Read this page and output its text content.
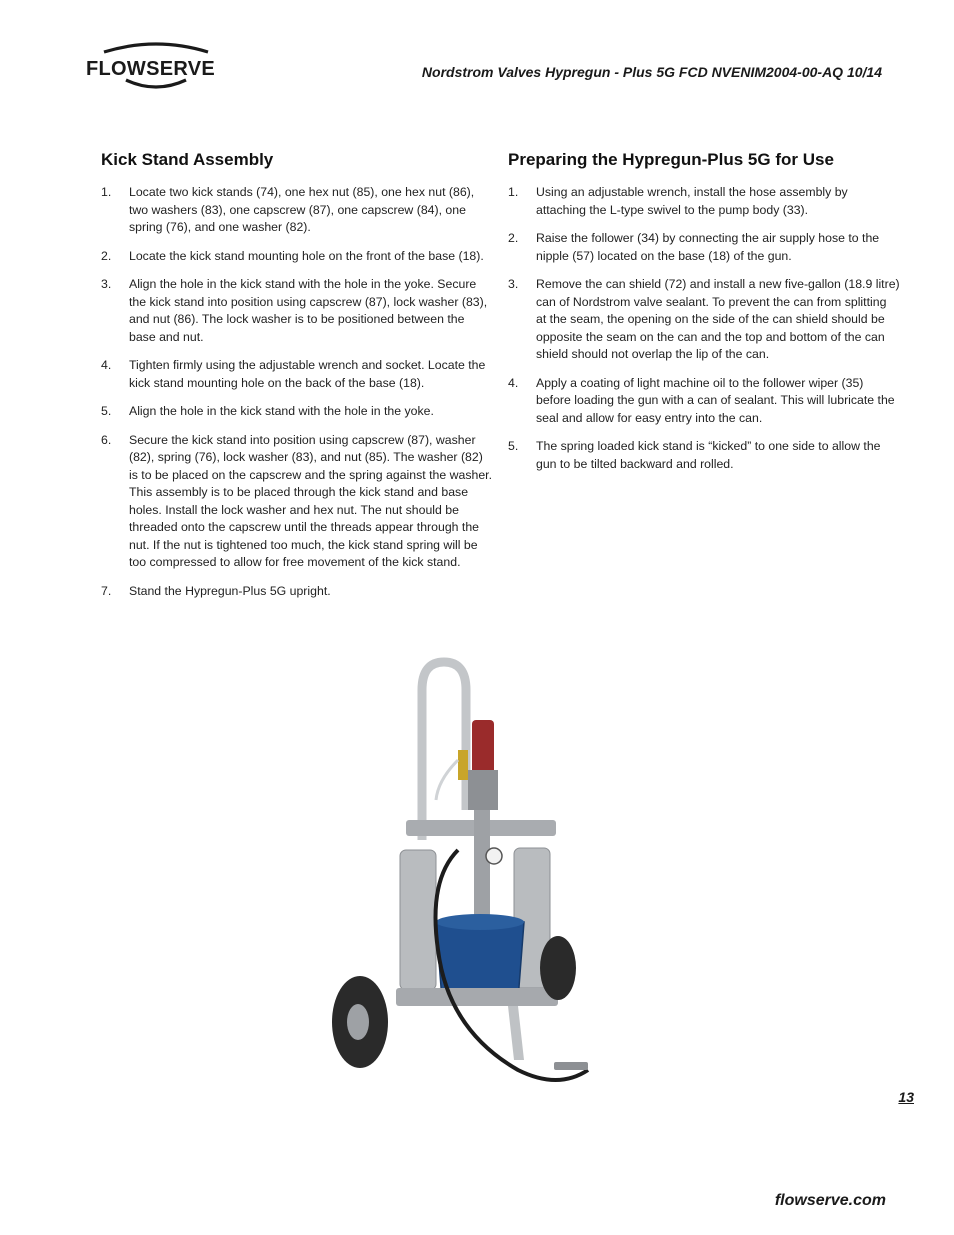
FLOWSERVE	Nordstrom Valves Hypregun - Plus 5G FCD NVENIM2004-00-AQ 10/14
Kick Stand Assembly
1. Locate two kick stands (74), one hex nut (85), one hex nut (86), two washers (83), one capscrew (87), one capscrew (84), one spring (76), and one washer (82).
2. Locate the kick stand mounting hole on the front of the base (18).
3. Align the hole in the kick stand with the hole in the yoke. Secure the kick stand into position using capscrew (87), lock washer (83), and nut (86). The lock washer is to be positioned between the base and nut.
4. Tighten firmly using the adjustable wrench and socket. Locate the kick stand mounting hole on the back of the base (18).
5. Align the hole in the kick stand with the hole in the yoke.
6. Secure the kick stand into position using capscrew (87), washer (82), spring (76), lock washer (83), and nut (85). The washer (82) is to be placed on the capscrew and the spring against the washer. This assembly is to be placed through the kick stand and base holes. Install the lock washer and hex nut. The nut should be threaded onto the capscrew until the threads appear through the nut. If the nut is tightened too much, the kick stand spring will be too compressed to allow for free movement of the kick stand.
7. Stand the Hypregun-Plus 5G upright.
Preparing the Hypregun-Plus 5G for Use
1. Using an adjustable wrench, install the hose assembly by attaching the L-type swivel to the pump body (33).
2. Raise the follower (34) by connecting the air supply hose to the nipple (57) located on the base (18) of the gun.
3. Remove the can shield (72) and install a new five-gallon (18.9 litre) can of Nordstrom valve sealant. To prevent the can from splitting at the seam, the opening on the side of the can shield should be opposite the seam on the can and the top and bottom of the can shield should not overlap the lip of the can.
4. Apply a coating of light machine oil to the follower wiper (35) before loading the gun with a can of sealant. This will lubricate the seal and allow for easy entry into the can.
5. The spring loaded kick stand is “kicked” to one side to allow the gun to be tilted backward and rolled.
13
flowserve.com
